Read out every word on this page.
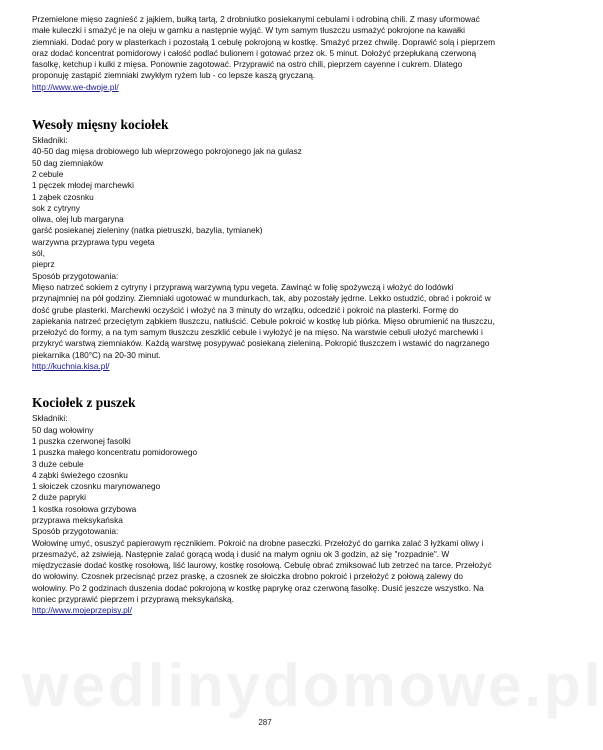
wedlinydomowe.pl

Przemielone mięso zagnieść z jajkiem, bułką tartą, 2 drobniutko posiekanymi cebulami i odrobiną chili. Z masy uformować małe kuleczki i smażyć je na oleju w garnku a następnie wyjąć. W tym samym tłuszczu usmażyć pokrojone na kawałki ziemniaki. Dodać pory w plasterkach i pozostałą 1 cebulę pokrojoną w kostkę. Smażyć przez chwilę. Doprawić solą i pieprzem oraz dodać koncentrat pomidorowy i całość podlać bulionem i gotować przez ok. 5 minut. Dołożyć przepłukaną czerwoną fasolkę, ketchup i kulki z mięsa. Ponownie zagotować. Przyprawić na ostro chili, pieprzem cayenne i cukrem. Dlatego proponuję zastąpić ziemniaki zwykłym ryżem lub - co lepsze kaszą gryczaną.

http://www.we-dwoje.pl/
Wesoły mięsny kociołek

Składniki:

40-50 dag mięsa drobiowego lub wieprzowego pokrojonego jak na gulasz
50 dag ziemniaków
2 cebule
1 pęczek młodej marchewki
1 ząbek czosnku
sok z cytryny
oliwa, olej lub margaryna
garść posiekanej zieleniny (natka pietruszki, bazylia, tymianek)
warzywna przyprawa typu vegeta
sól,
pieprz

Sposób przygotowania:

Mięso natrzeć sokiem z cytryny i przyprawą warzywną typu vegeta. Zawinąć w folię spożywczą i włożyć do lodówki przynajmniej na pół godziny. Ziemniaki ugotować w mundurkach, tak, aby pozostały jędrne. Lekko ostudzić, obrać i pokroić w dość grube plasterki. Marchewki oczyścić i włożyć na 3 minuty do wrzątku, odcedzić i pokroić na plasterki. Formę do zapiekania natrzeć przeciętym ząbkiem tłuszczu, natłuścić. Cebule pokroić w kostkę lub piórka. Mięso obrumienić na tłuszczu, przełożyć do formy, a na tym samym tłuszczu zeszklić cebule i wyłożyć je na mięso. Na warstwie cebuli ułożyć marchewki i przykryć warstwą ziemniaków. Każdą warstwę posypywać posiekaną zieleniną. Pokropić tłuszczem i wstawić do nagrzanego piekarnika (180°C) na 20-30 minut.

http://kuchnia.kisa.pl/
Kociołek z puszek

Składniki:

50 dag wołowiny
1 puszka czerwonej fasolki
1 puszka małego koncentratu pomidorowego
3 duże cebule
4 ząbki świeżego czosnku
1 słoiczek czosnku marynowanego
2 duże papryki
1 kostka rosołowa grzybowa
przyprawa meksykańska

Sposób przygotowania:

Wołowinę umyć, osuszyć papierowym ręcznikiem. Pokroić na drobne paseczki. Przełożyć do garnka zalać 3 łyżkami oliwy i przesmażyć, aż zsiwieją. Następnie zalać gorącą wodą i dusić na małym ogniu ok 3 godzin, aż się "rozpadnie". W międzyczasie dodać kostkę rosołową, liść laurowy, kostkę rosołową. Cebulę obrać zmiksować lub zetrzeć na tarce. Przełożyć do wołowiny. Czosnek przecisnąć przez praskę, a czosnek ze słoiczka drobno pokroić i przełożyć z połową zalewy do wołowiny. Po 2 godzinach duszenia dodać pokrojoną w kostkę paprykę oraz czerwoną fasolkę. Dusić jeszcze wszystko. Na koniec przyprawić pieprzem i przyprawą meksykańską.

http://www.mojeprzepisy.pl/
287
